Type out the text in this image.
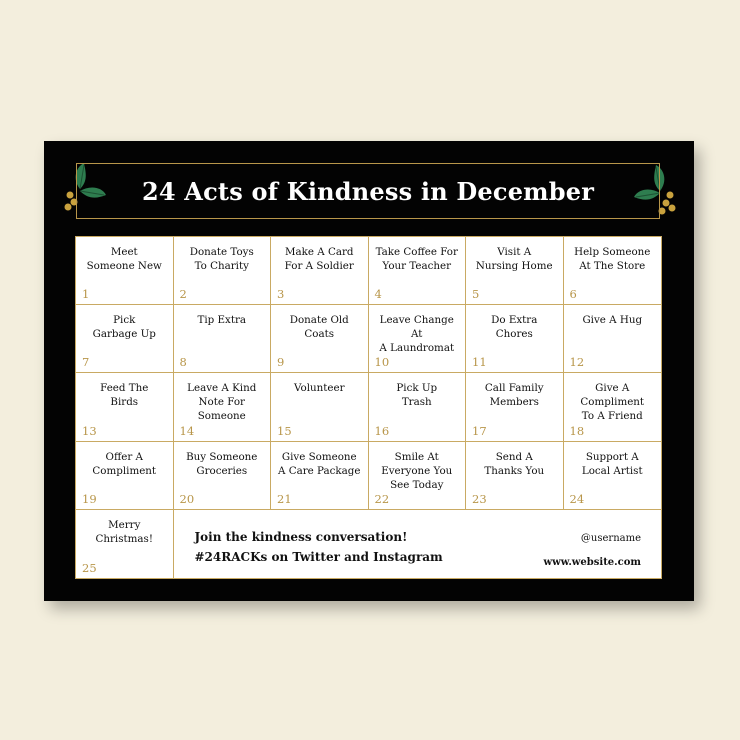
24 Acts of Kindness in December
Meet
Someone New
1
Donate Toys
To Charity
2
Make A Card
For A Soldier
3
Take Coffee For
Your Teacher
4
Visit A
Nursing Home
5
Help Someone
At The Store
6
Pick
Garbage Up
7
Tip Extra
8
Donate Old
Coats
9
Leave Change At
A Laundromat
10
Do Extra
Chores
11
Give A Hug
12
Feed The
Birds
13
Leave A Kind
Note For
Someone
14
Volunteer
15
Pick Up
Trash
16
Call Family
Members
17
Give A
Compliment
To A Friend
18
Offer A
Compliment
19
Buy Someone
Groceries
20
Give Someone
A Care Package
21
Smile At
Everyone You
See Today
22
Send A
Thanks You
23
Support A
Local Artist
24
Merry
Christmas!
25
Join the kindness conversation!
#24RACKs on Twitter and Instagram
@username
www.website.com
